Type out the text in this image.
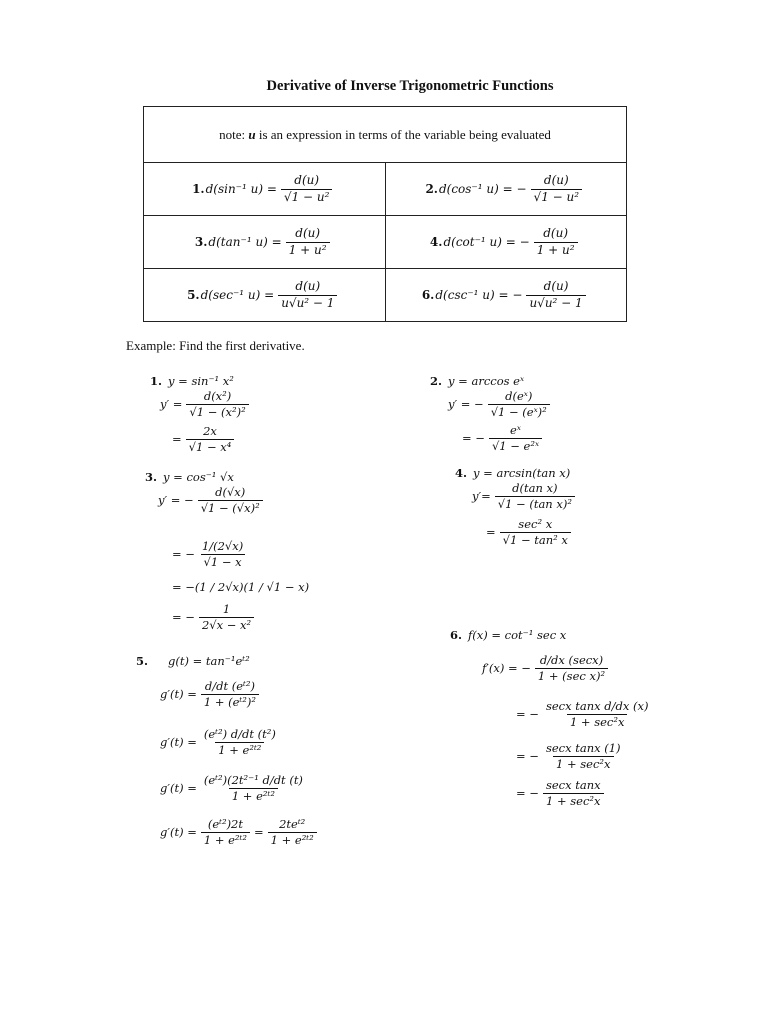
Derivative of Inverse Trigonometric Functions
note: u is an expression in terms of the variable being evaluated	

1. d(sin⁻¹ $u) = \frac{d(u)}{\text{√1 − u²}}$	2. d(cos⁻¹ u) = − $\frac{d(u)}{\text{√1 − u²}}$

3. d(tan⁻¹ $u) = \frac{d(u)}{\text{1 + u²}}$	4. d(cot⁻¹ u) = − $\frac{d(u)}{\text{1 + u²}}$

5. d(sec⁻¹ $u) = \frac{d(u)}{\text{u√u² − 1}}$	6. d(csc⁻¹ u) = − $\frac{d(u)}{\text{u√u² − 1}}$
Example: Find the first derivative.
1. y = sin⁻¹ x²
$y' = \frac{\text{d(x²)}}{\text{√1 − (x²)²}}$
= $\frac{2x}{\text{√1 − x⁴}}$
2. y = arccos eˣ
y′ = − $\frac{\text{d(eˣ)}}{\text{√1 − (eˣ)²}}$
= − $\frac{\text{eˣ}}{\text{√1 − e²ˣ}}$
3. y = cos⁻¹ √x
y′ = − $\frac{d(√x)}{\text{√1 − (√x)²}}$
= − $\frac{1/(2√x)}{√1 - x}$
= −(1 / 2√x)(1 / √1 − x)
= − $\frac{1}{\text{2√x − x²}}$
4. y = arcsin(tan x)
$y'= \frac{\text{d(tan x)}}{\text{√1 − (tan x)²}}$
= $\frac{\text{sec² x}}{\text{√1 − tan² x}}$
5. g(t) = tan⁻¹eᵗ²
$g'(t) = \frac{\text{d/dt (eᵗ²)}}{\text{1 + (eᵗ²)²}}$
$g'(t) = \frac{\text{(eᵗ²) d/dt (t²)}}{\text{1 + e²ᵗ²}}$
$g'(t) = \frac{\text{(eᵗ²)(2t²⁻¹ d/dt (t)}}{\text{1 + e²ᵗ²}}$
$g'(t) = \frac{\text{(eᵗ²)2t}}{\text{1 + e²ᵗ²}} = \frac{\text{2teᵗ²}}{\text{1 + e²ᵗ²}}$
6. f(x) = cot⁻¹ sec x
f′(x) = − $\frac{d/dx (\sec x)}{\text{1 + (sec x)²}}$
= − $\frac{\text{secx tanx d/dx (x)}}{\text{1 + sec²x}}$
= − $\frac{\text{secx tanx (1)}}{\text{1 + sec²x}}$
= − $\frac{\text{secx tanx}}{\text{1 + sec²x}}$
